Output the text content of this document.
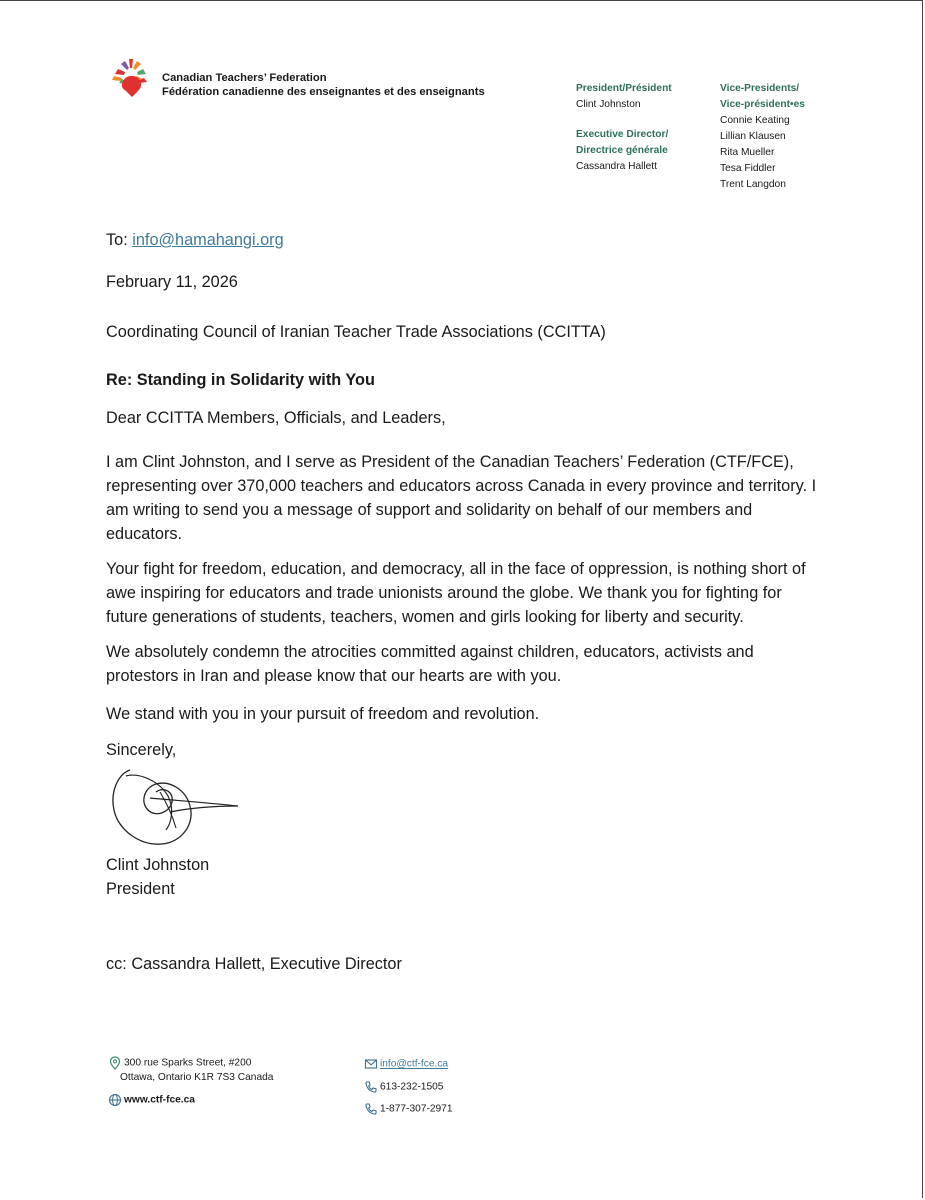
Canadian Teachers’ Federation
Fédération canadienne des enseignantes et des enseignants	President/Président
Clint Johnston
Executive Director/
Directrice générale
Cassandra Hallett
Vice-Presidents/
Vice-président•es
Connie Keating
Lillian Klausen
Rita Mueller
Tesa Fiddler
Trent Langdon
To: info@hamahangi.org
February 11, 2026
Coordinating Council of Iranian Teacher Trade Associations (CCITTA)
Re: Standing in Solidarity with You
Dear CCITTA Members, Officials, and Leaders,
I am Clint Johnston, and I serve as President of the Canadian Teachers’ Federation (CTF/FCE), representing over 370,000 teachers and educators across Canada in every province and territory. I am writing to send you a message of support and solidarity on behalf of our members and educators.
Your fight for freedom, education, and democracy, all in the face of oppression, is nothing short of awe inspiring for educators and trade unionists around the globe. We thank you for fighting for future generations of students, teachers, women and girls looking for liberty and security.
We absolutely condemn the atrocities committed against children, educators, activists and protestors in Iran and please know that our hearts are with you.
We stand with you in your pursuit of freedom and revolution.
Sincerely,
Clint Johnston
President
cc: Cassandra Hallett, Executive Director
300 rue Sparks Street, #200
Ottawa, Ontario K1R 7S3 Canada
www.ctf-fce.ca
info@ctf-fce.ca
613-232-1505
1-877-307-2971
